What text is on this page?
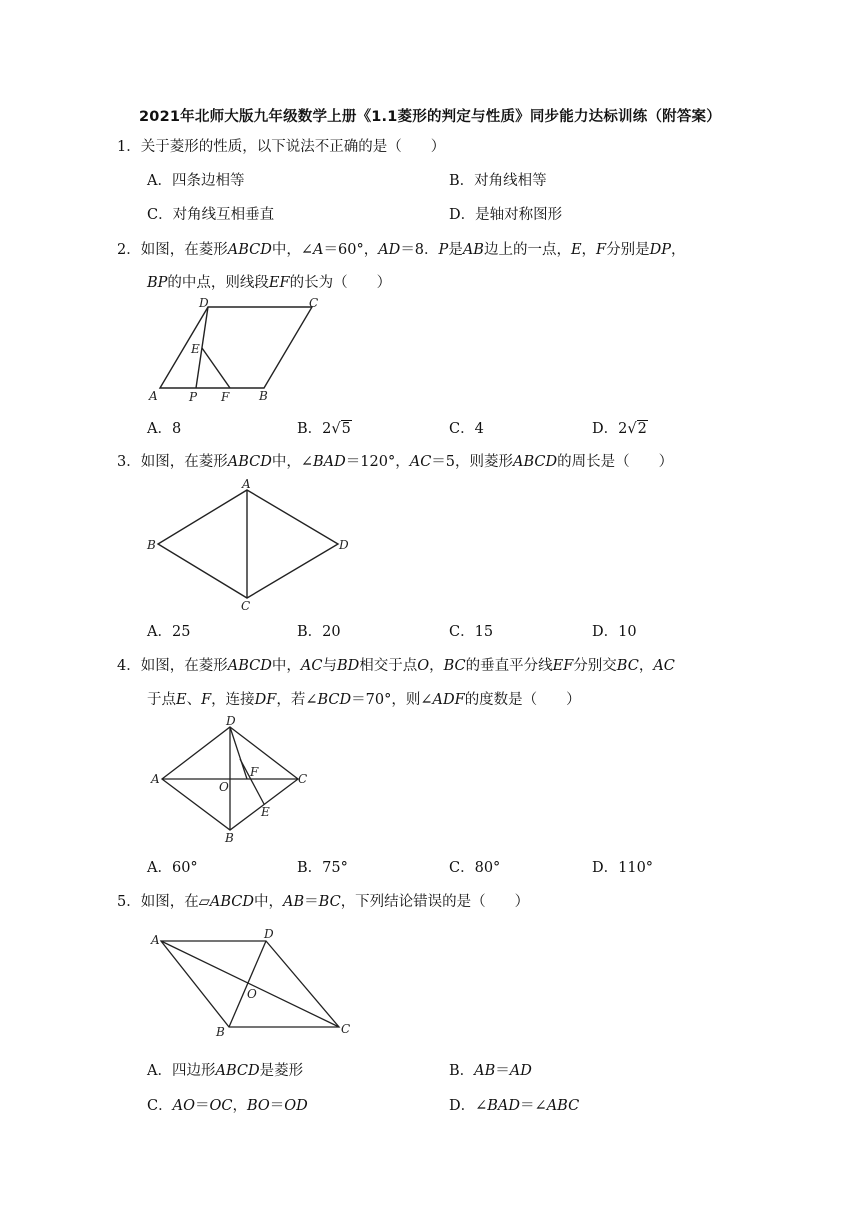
2021年北师大版九年级数学上册《1.1菱形的判定与性质》同步能力达标训练（附答案）
1．关于菱形的性质，以下说法不正确的是（　　）
A．四条边相等	B．对角线相等
C．对角线互相垂直	D．是轴对称图形
2．如图，在菱形ABCD中，∠A＝60°，AD＝8．P是AB边上的一点，E，F分别是DP，
BP的中点，则线段EF的长为（　　）
D	C
E
A	P F B
A．8	B．2√5	C．4	D．2√2
3．如图，在菱形ABCD中，∠BAD＝120°，AC＝5，则菱形ABCD的周长是（　　）
A
B	D
C
A．25	B．20	C．15	D．10
4．如图，在菱形ABCD中，AC与BD相交于点O，BC的垂直平分线EF分别交BC，AC
于点E、F，连接DF，若∠BCD＝70°，则∠ADF的度数是（　　）
D
A	C
O
F
E
B
A．60°	B．75°	C．80°	D．110°
5．如图，在▱ABCD中，AB＝BC，下列结论错误的是（　　）
A	D
O
B	C
A．四边形ABCD是菱形	B．AB＝AD
C．AO＝OC，BO＝OD	D．∠BAD＝∠ABC
